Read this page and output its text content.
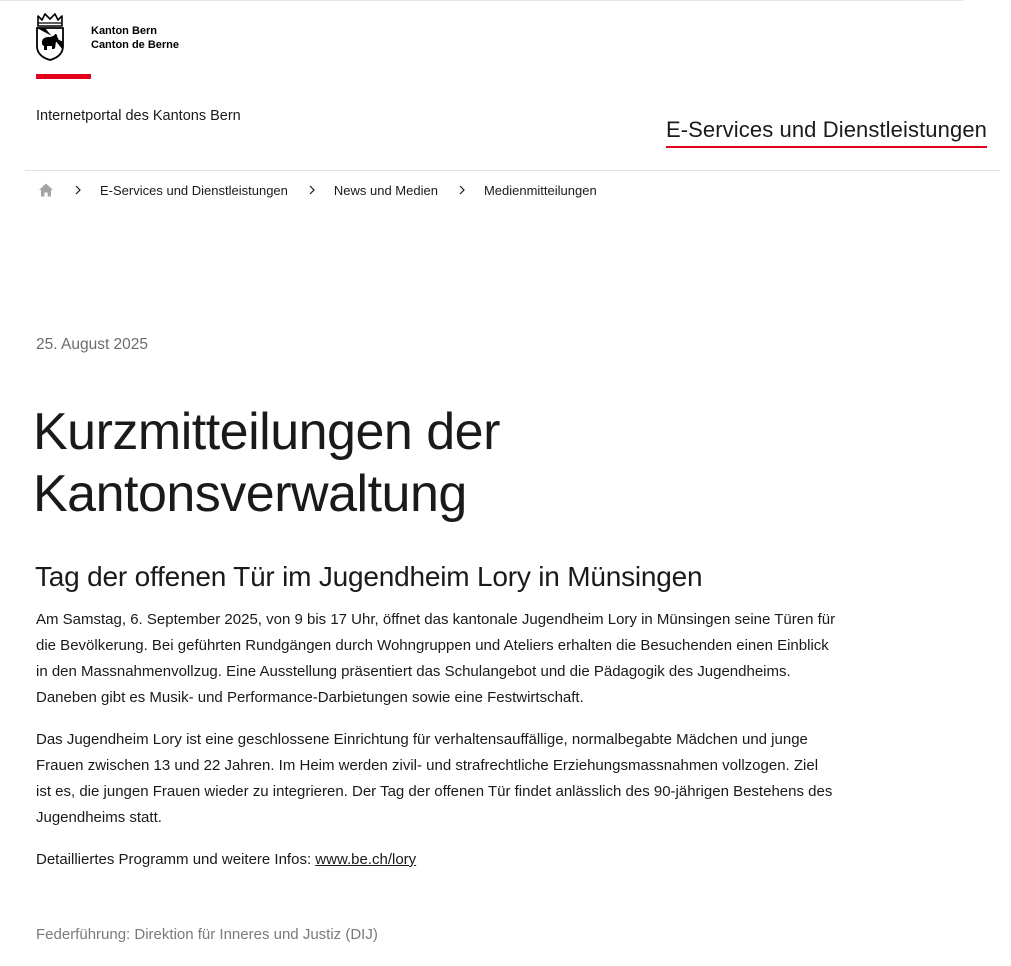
Kanton Bern
Canton de Berne
Internetportal des Kantons Bern
E-Services und Dienstleistungen
E-Services und Dienstleistungen	News und Medien	Medienmitteilungen
25. August 2025
Kurzmitteilungen der
Kantonsverwaltung
Tag der offenen Tür im Jugendheim Lory in Münsingen

Am Samstag, 6. September 2025, von 9 bis 17 Uhr, öffnet das kantonale Jugendheim Lory in Münsingen seine Türen für die Bevölkerung. Bei geführten Rundgängen durch Wohngruppen und Ateliers erhalten die Besuchenden einen Einblick in den Massnahmenvollzug. Eine Ausstellung präsentiert das Schulangebot und die Pädagogik des Jugendheims. Daneben gibt es Musik- und Performance-Darbietungen sowie eine Festwirtschaft.

Das Jugendheim Lory ist eine geschlossene Einrichtung für verhaltensauffällige, normalbegabte Mädchen und junge Frauen zwischen 13 und 22 Jahren. Im Heim werden zivil- und strafrechtliche Erziehungsmassnahmen vollzogen. Ziel ist es, die jungen Frauen wieder zu integrieren. Der Tag der offenen Tür findet anlässlich des 90-jährigen Bestehens des Jugendheims statt.

Detailliertes Programm und weitere Infos: www.be.ch/lory

Federführung: Direktion für Inneres und Justiz (DIJ)
